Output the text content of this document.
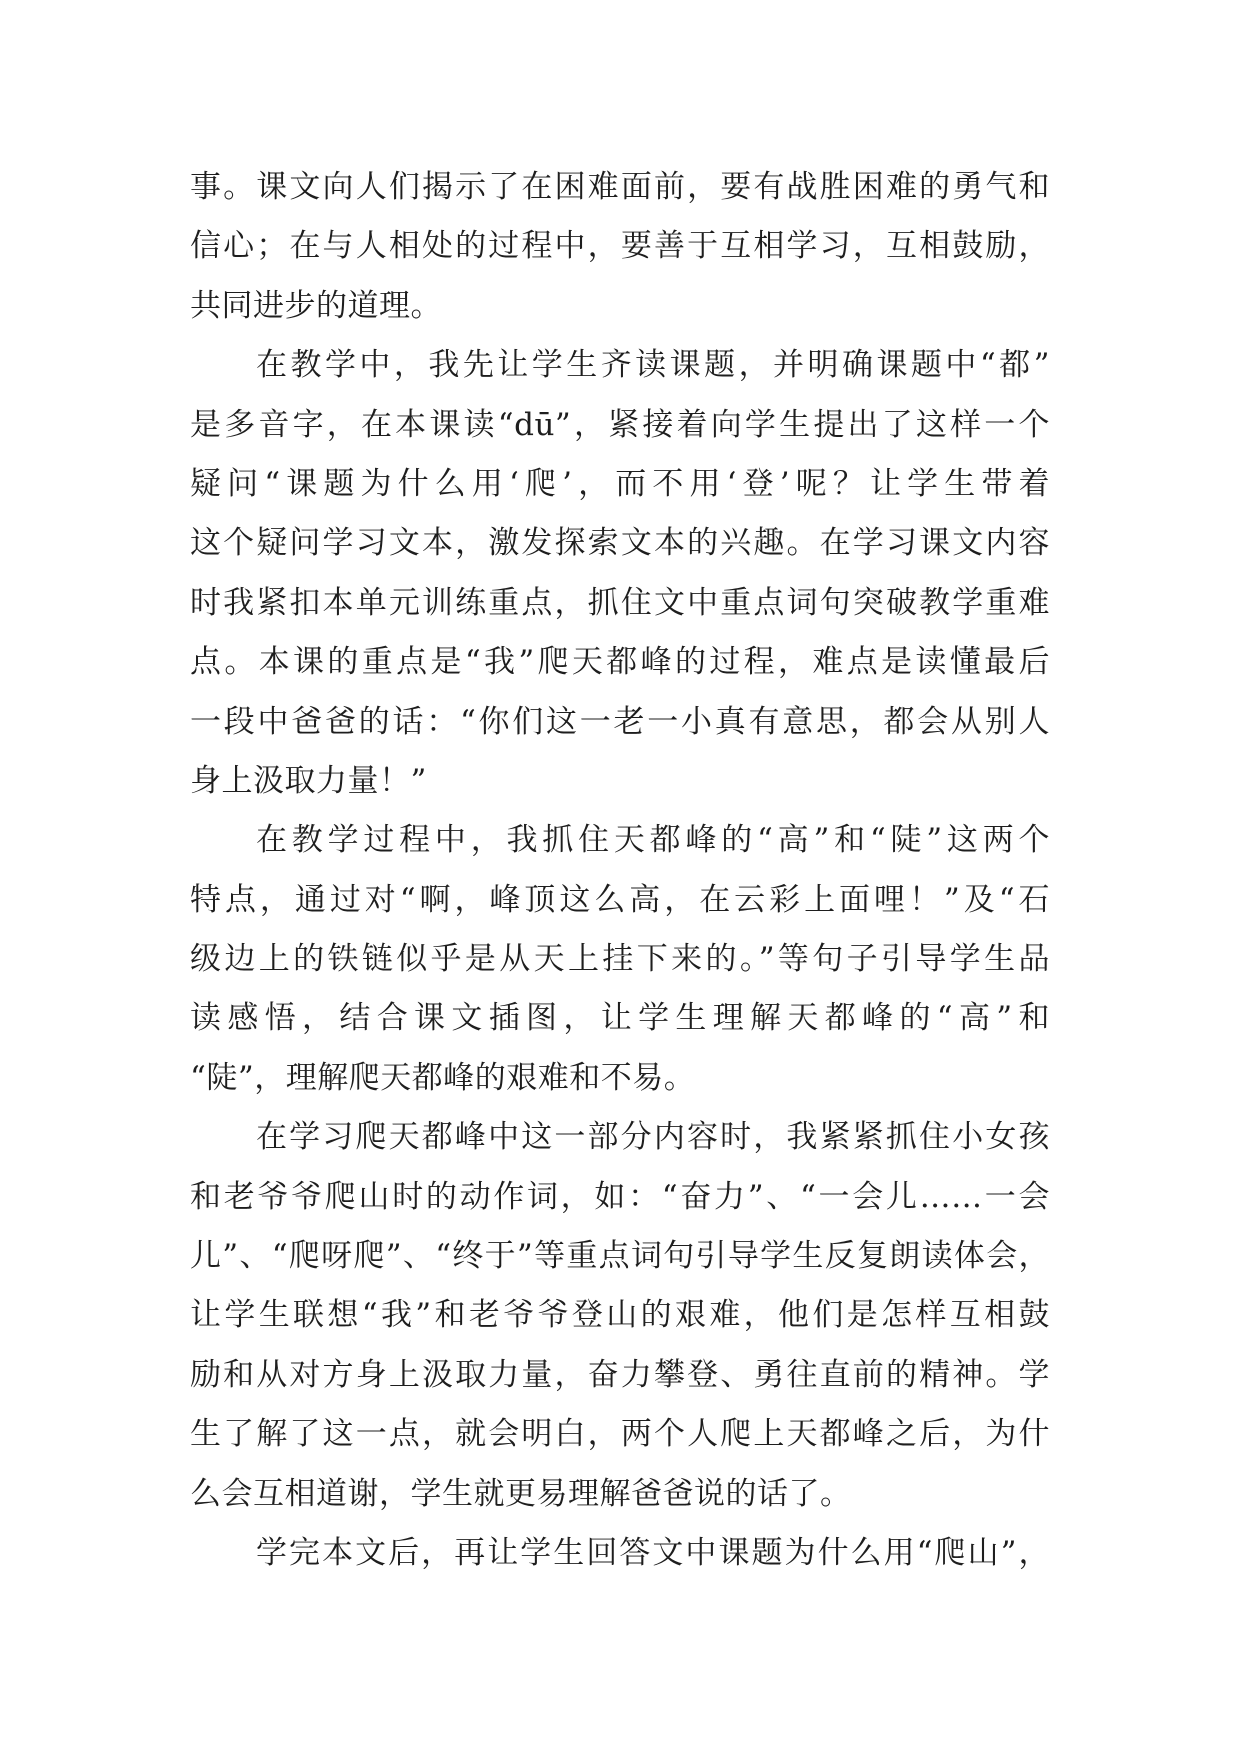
事。课文向人们揭示了在困难面前，要有战胜困难的勇气和
信心；在与人相处的过程中，要善于互相学习，互相鼓励，
共同进步的道理。
在教学中，我先让学生齐读课题，并明确课题中“都”
是多音字，在本课读“dū”，紧接着向学生提出了这样一个
疑问“课题为什么用‘爬’，而不用‘登’呢？让学生带着
这个疑问学习文本，激发探索文本的兴趣。在学习课文内容
时我紧扣本单元训练重点，抓住文中重点词句突破教学重难
点。本课的重点是“我”爬天都峰的过程，难点是读懂最后
一段中爸爸的话：“你们这一老一小真有意思，都会从别人
身上汲取力量！”
在教学过程中，我抓住天都峰的“高”和“陡”这两个
特点，通过对“啊，峰顶这么高，在云彩上面哩！”及“石
级边上的铁链似乎是从天上挂下来的。”等句子引导学生品
读感悟，结合课文插图，让学生理解天都峰的“高”和
“陡”，理解爬天都峰的艰难和不易。
在学习爬天都峰中这一部分内容时，我紧紧抓住小女孩
和老爷爷爬山时的动作词，如：“奋力”、“一会儿……一会
儿”、“爬呀爬”、“终于”等重点词句引导学生反复朗读体会，
让学生联想“我”和老爷爷登山的艰难，他们是怎样互相鼓
励和从对方身上汲取力量，奋力攀登、勇往直前的精神。学
生了解了这一点，就会明白，两个人爬上天都峰之后，为什
么会互相道谢，学生就更易理解爸爸说的话了。
学完本文后，再让学生回答文中课题为什么用“爬山”，
